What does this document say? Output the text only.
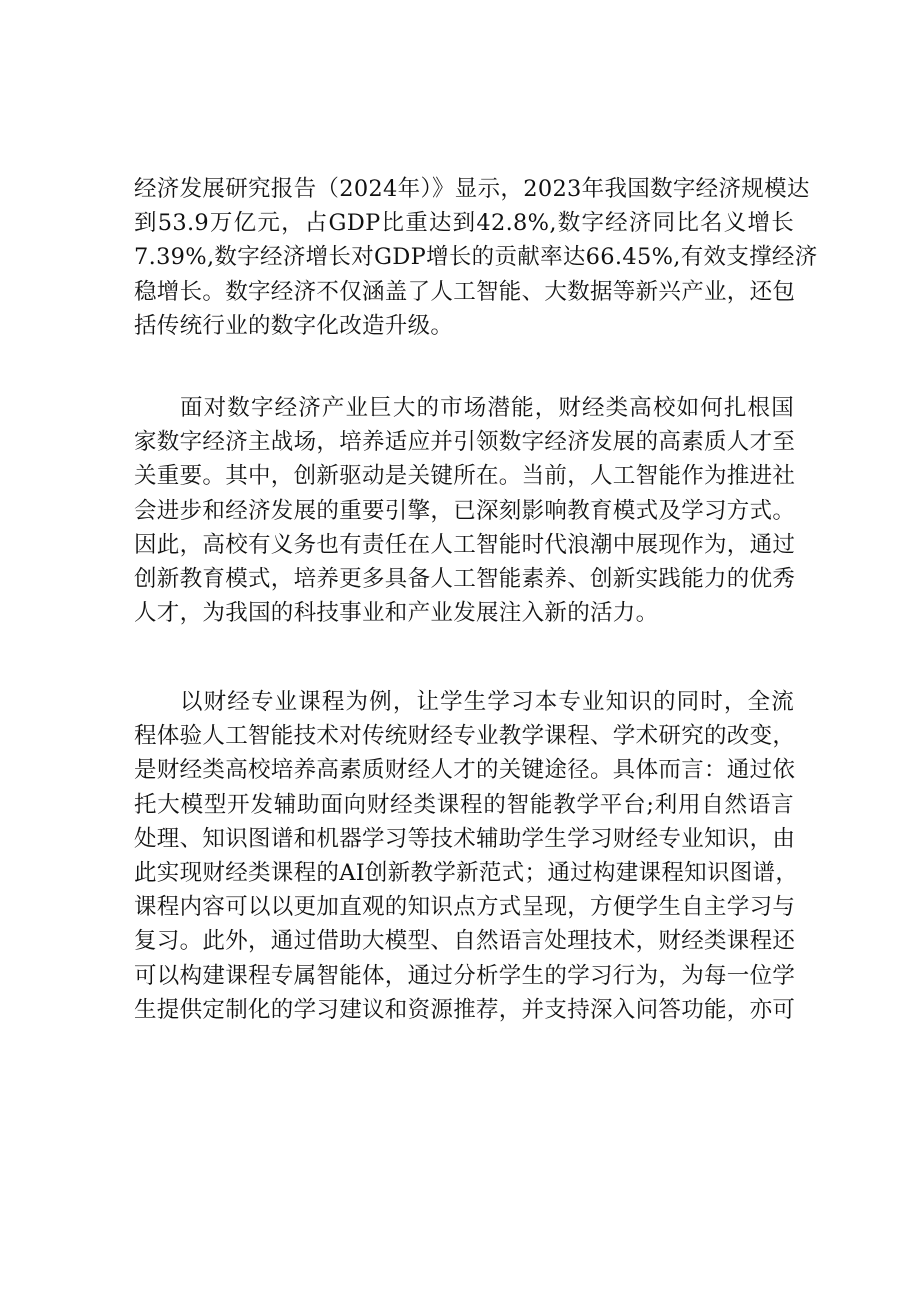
经济发展研究报告（2024年）》显示，2023年我国数字经济规模达
到53.9万亿元，占GDP比重达到42.8%,数字经济同比名义增长
7.39%,数字经济增长对GDP增长的贡献率达66.45%,有效支撑经济
稳增长。数字经济不仅涵盖了人工智能、大数据等新兴产业，还包
括传统行业的数字化改造升级。
面对数字经济产业巨大的市场潜能，财经类高校如何扎根国
家数字经济主战场，培养适应并引领数字经济发展的高素质人才至
关重要。其中，创新驱动是关键所在。当前，人工智能作为推进社
会进步和经济发展的重要引擎，已深刻影响教育模式及学习方式。
因此，高校有义务也有责任在人工智能时代浪潮中展现作为，通过
创新教育模式，培养更多具备人工智能素养、创新实践能力的优秀
人才，为我国的科技事业和产业发展注入新的活力。
以财经专业课程为例，让学生学习本专业知识的同时，全流
程体验人工智能技术对传统财经专业教学课程、学术研究的改变，
是财经类高校培养高素质财经人才的关键途径。具体而言：通过依
托大模型开发辅助面向财经类课程的智能教学平台;利用自然语言
处理、知识图谱和机器学习等技术辅助学生学习财经专业知识，由
此实现财经类课程的AI创新教学新范式；通过构建课程知识图谱，
课程内容可以以更加直观的知识点方式呈现，方便学生自主学习与
复习。此外，通过借助大模型、自然语言处理技术，财经类课程还
可以构建课程专属智能体，通过分析学生的学习行为，为每一位学
生提供定制化的学习建议和资源推荐，并支持深入问答功能，亦可
